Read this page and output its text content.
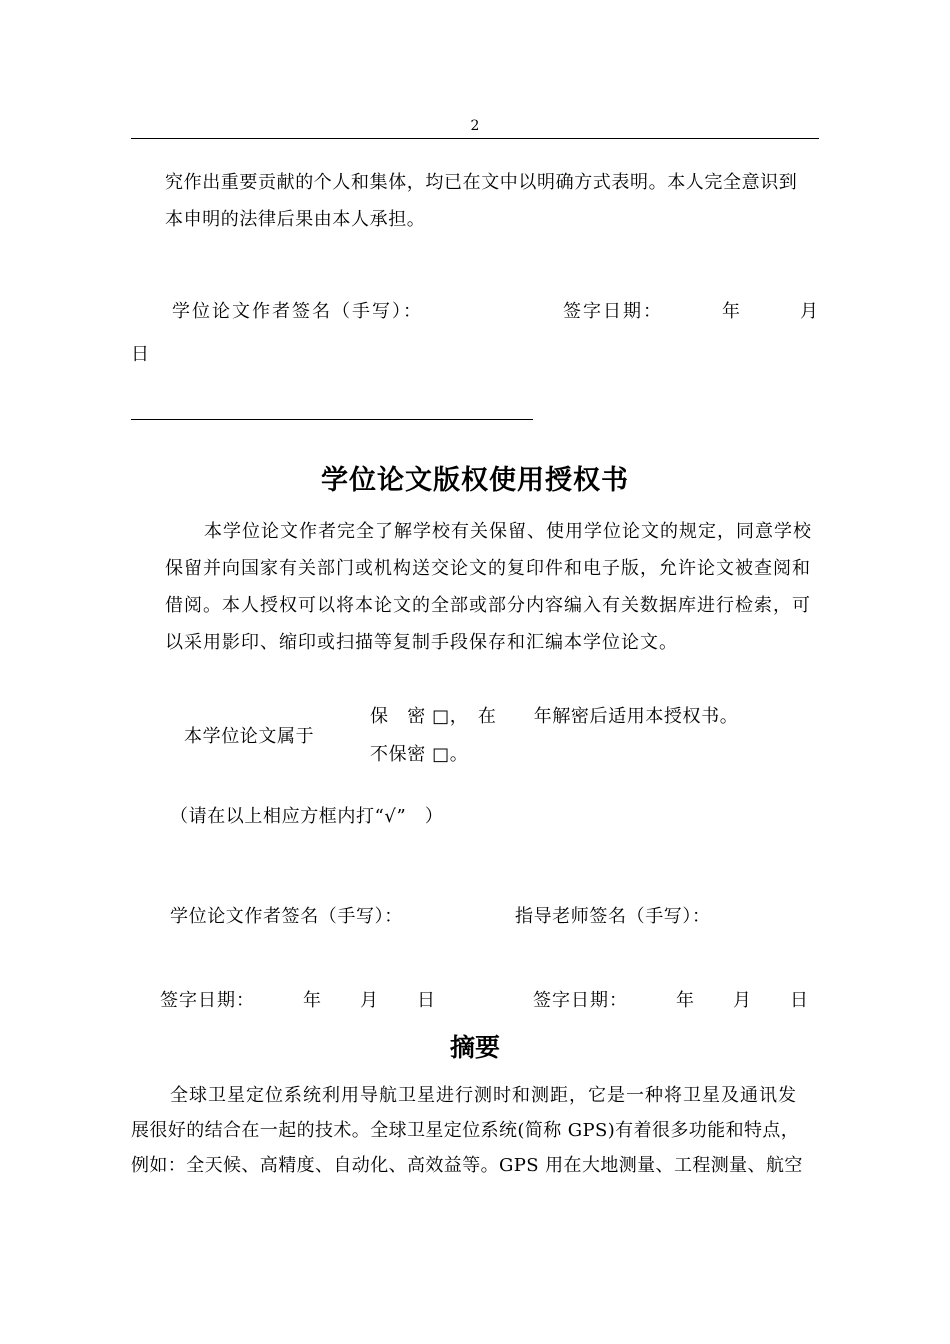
2
究作出重要贡献的个人和集体，均已在文中以明确方式表明。本人完全意识到
本申明的法律后果由本人承担。
学位论文作者签名（手写）：	签字日期：	年	月
日
学位论文版权使用授权书
本学位论文作者完全了解学校有关保留、使用学位论文的规定，同意学校
保留并向国家有关部门或机构送交论文的复印件和电子版，允许论文被查阅和
借阅。本人授权可以将本论文的全部或部分内容编入有关数据库进行检索，可
以采用影印、缩印或扫描等复制手段保存和汇编本学位论文。
本学位论文属于
保　密 □，　在　　年解密后适用本授权书。
不保密 □。
（请在以上相应方框内打“√”　）
学位论文作者签名（手写）：	指导老师签名（手写）：
签字日期：　　　年　　月　　日	签字日期：　　　年　　月　　日
摘要
全球卫星定位系统利用导航卫星进行测时和测距，它是一种将卫星及通讯发
展很好的结合在一起的技术。全球卫星定位系统(简称 GPS)有着很多功能和特点，
例如：全天候、高精度、自动化、高效益等。GPS 用在大地测量、工程测量、航空
